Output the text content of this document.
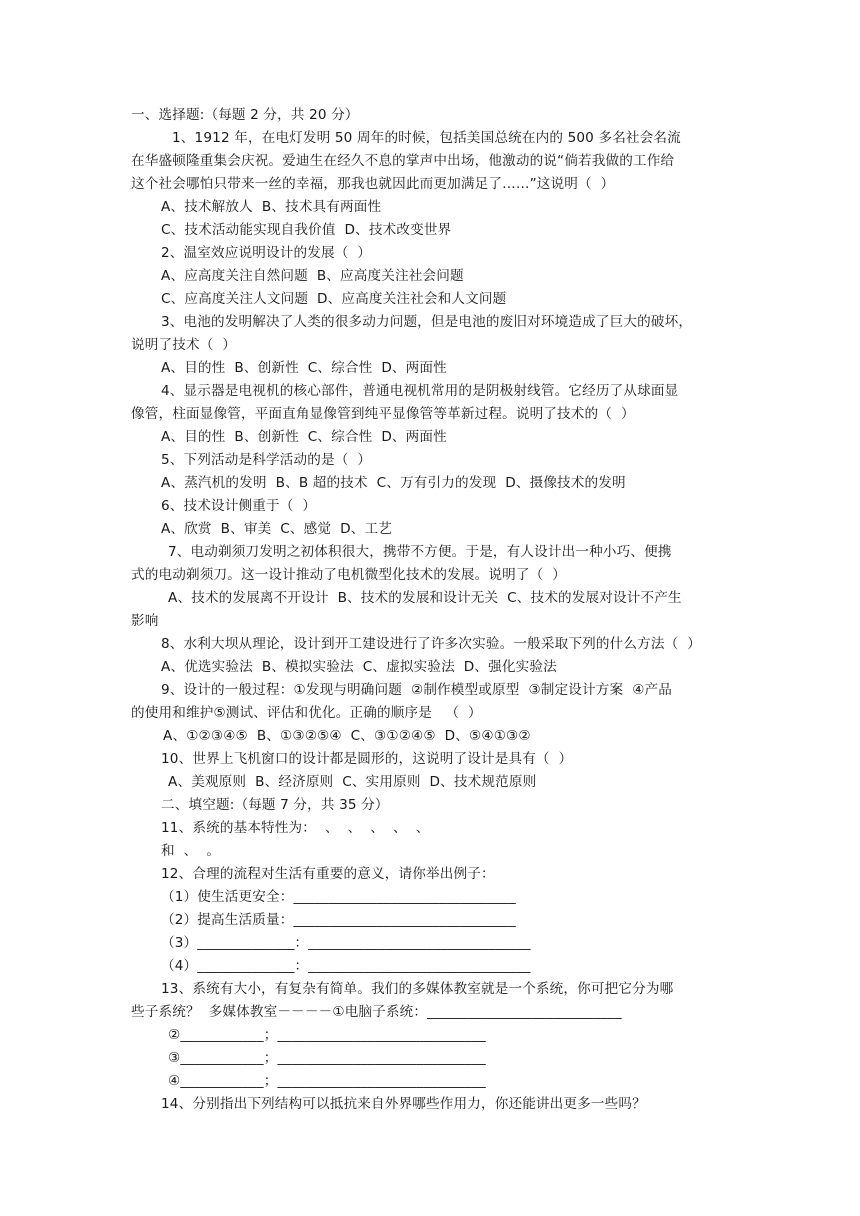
一、选择题:（每题 2 分，共 20 分）
1、1912 年，在电灯发明 50 周年的时候，包括美国总统在内的 500 多名社会名流
在华盛顿隆重集会庆祝。爱迪生在经久不息的掌声中出场，他激动的说“倘若我做的工作给
这个社会哪怕只带来一丝的幸福，那我也就因此而更加满足了……”这说明（  ）
A、技术解放人  B、技术具有两面性
C、技术活动能实现自我价值  D、技术改变世界
2、温室效应说明设计的发展（  ）
A、应高度关注自然问题  B、应高度关注社会问题
C、应高度关注人文问题  D、应高度关注社会和人文问题
3、电池的发明解决了人类的很多动力问题，但是电池的废旧对环境造成了巨大的破坏，
说明了技术（  ）
A、目的性  B、创新性  C、综合性  D、两面性
4、显示器是电视机的核心部件，普通电视机常用的是阴极射线管。它经历了从球面显
像管，柱面显像管，平面直角显像管到纯平显像管等革新过程。说明了技术的（  ）
A、目的性  B、创新性  C、综合性  D、两面性
5、下列活动是科学活动的是（  ）
A、蒸汽机的发明  B、B 超的技术  C、万有引力的发现  D、摄像技术的发明
6、技术设计侧重于（  ）
A、欣赏  B、审美  C、感觉  D、工艺
7、电动剃须刀发明之初体积很大，携带不方便。于是，有人设计出一种小巧、便携
式的电动剃须刀。这一设计推动了电机微型化技术的发展。说明了（  ）
A、技术的发展离不开设计  B、技术的发展和设计无关  C、技术的发展对设计不产生
影响
8、水利大坝从理论，设计到开工建设进行了许多次实验。一般采取下列的什么方法（  ）
A、优选实验法  B、模拟实验法  C、虚拟实验法  D、强化实验法
9、设计的一般过程：①发现与明确问题  ②制作模型或原型  ③制定设计方案  ④产品
的使用和维护⑤测试、评估和优化。正确的顺序是   （  ）
A、①②③④⑤  B、①③②⑤④  C、③①②④⑤  D、⑤④①③②
10、世界上飞机窗口的设计都是圆形的，这说明了设计是具有（  ）
A、美观原则  B、经济原则  C、实用原则  D、技术规范原则
二、填空题:（每题 7 分，共 35 分）
11、系统的基本特性为：  、  、  、  、  、
和  、  。
12、合理的流程对生活有重要的意义，请你举出例子：
（1）使生活更安全：________________________________
（2）提高生活质量：________________________________
（3）______________：________________________________
（4）______________：________________________________
13、系统有大小，有复杂有简单。我们的多媒体教室就是一个系统，你可把它分为哪
些子系统？  多媒体教室－－－－①电脑子系统：____________________________
②____________；______________________________
③____________；______________________________
④____________；______________________________
14、分别指出下列结构可以抵抗来自外界哪些作用力，你还能讲出更多一些吗？
